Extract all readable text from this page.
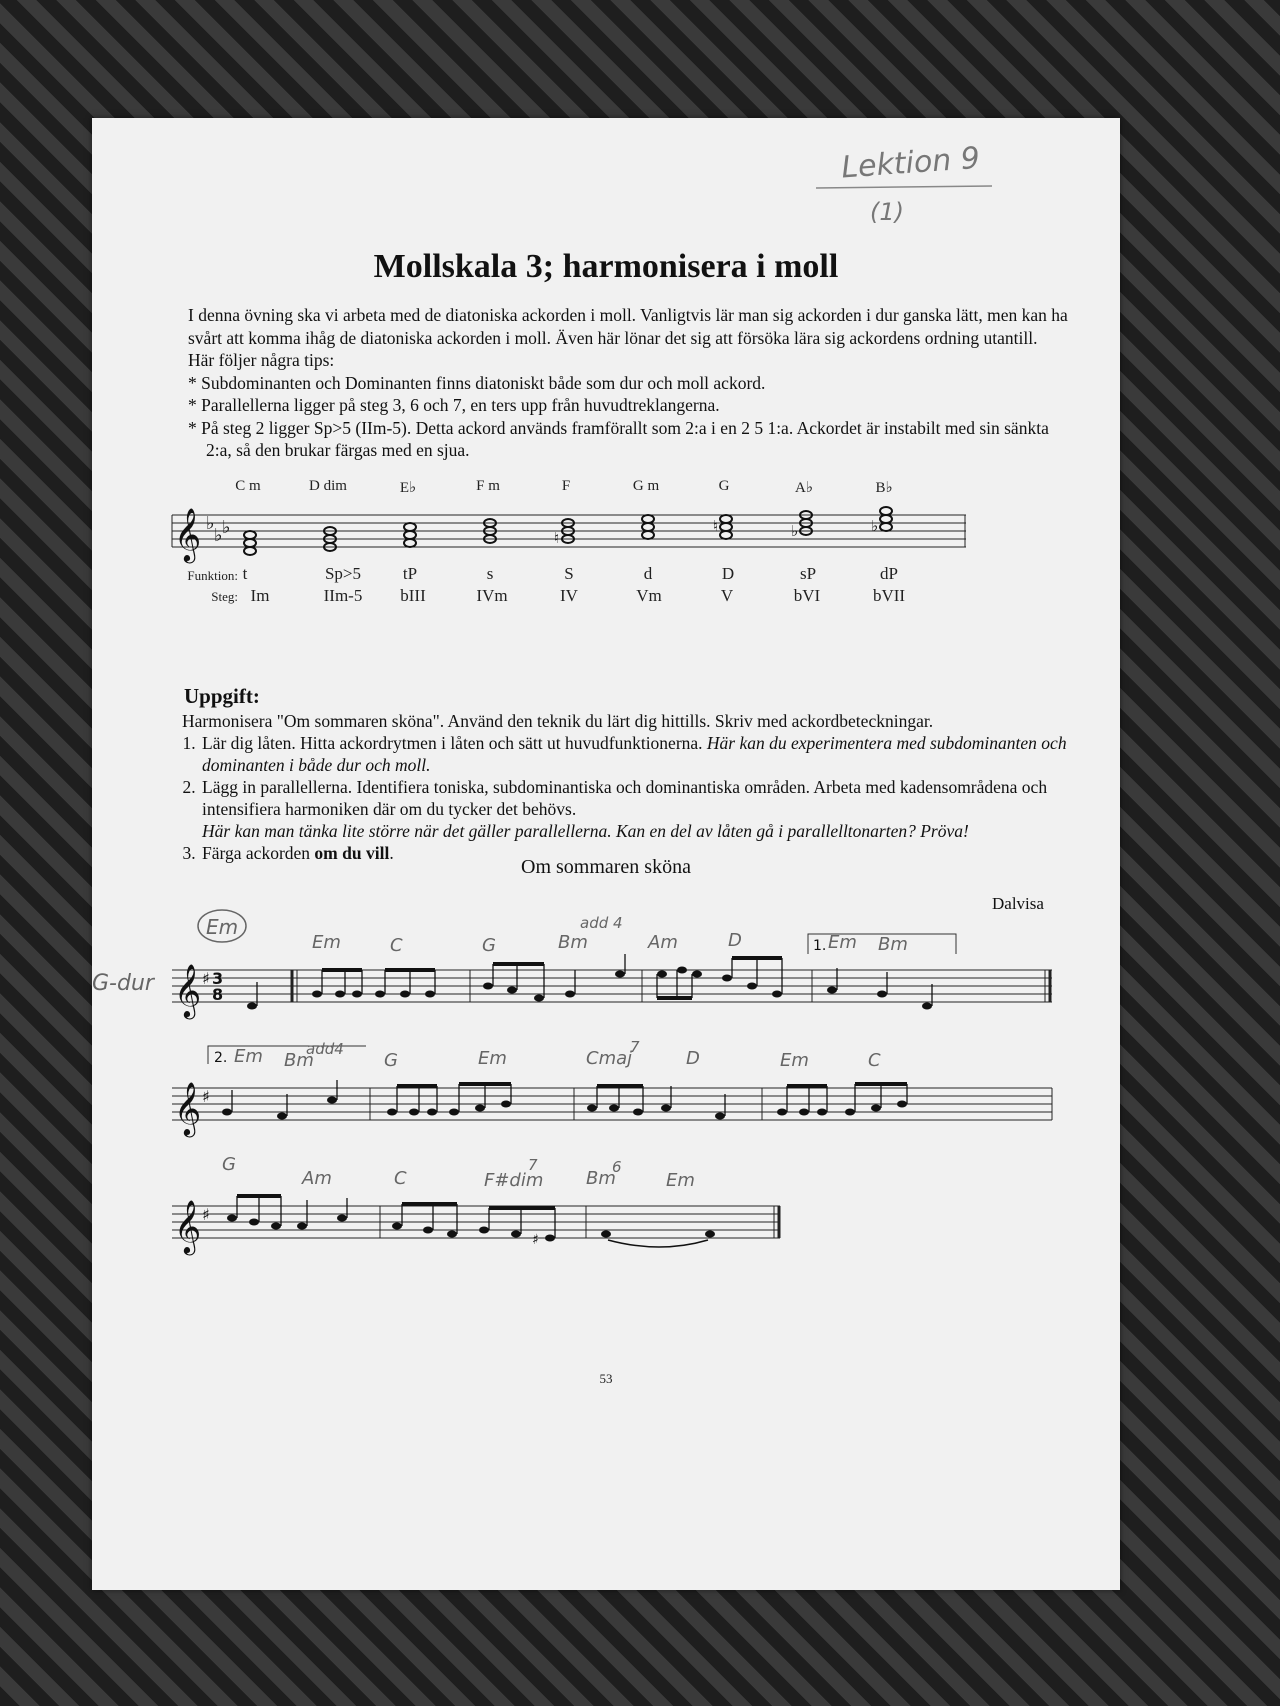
Lektion 9
(1)
Mollskala 3; harmonisera i moll

I denna övning ska vi arbeta med de diatoniska ackorden i moll. Vanligtvis lär man sig ackorden i dur ganska lätt, men kan ha svårt att komma ihåg de diatoniska ackorden i moll. Även här lönar det sig att försöka lära sig ackordens ordning utantill. Här följer några tips:

* Subdominanten och Dominanten finns diatoniskt både som dur och moll ackord.

* Parallellerna ligger på steg 3, 6 och 7, en ters upp från huvudtreklangerna.

* På steg 2 ligger Sp>5 (IIm-5). Detta ackord används framförallt som 2:a i en 2 5 1:a. Ackordet är instabilt med sin sänkta 2:a, så den brukar färgas med en sjua.

C m	D dim	E♭	F m	F	G m	G	A♭	B♭
𝄞 ♭
♭ ♭	♮
♮	♭	♭
Funktion:
Steg:
t	Sp>5	tP	s	S	d	D	sP	dP
Im	IIm-5	bIII	IVm	IV	Vm	V	bVI	bVII
Uppgift:

Harmonisera "Om sommaren sköna". Använd den teknik du lärt dig hittills. Skriv med ackordbeteckningar.

1. Lär dig låten. Hitta ackordrytmen i låten och sätt ut huvudfunktionerna. Här kan du experimentera med subdominanten och dominanten i både dur och moll.
2. Lägg in parallellerna. Identifiera toniska, subdominantiska och dominantiska områden. Arbeta med kadensområdena och intensifiera harmoniken där om du tycker det behövs.
Här kan man tänka lite större när det gäller parallellerna. Kan en del av låten gå i parallelltonarten? Pröva!
3. Färga ackorden om du vill.
Om sommaren sköna
Dalvisa
Em
G-dur 𝄞 ♯ 3
8
Em	C	G	Bm
add 4
Am	D	Em Bm
1.
𝄞 ♯
2. Em Bm
add4
G	Em	Cmaj
7
D	Em	C
𝄞 ♯
♯
G
Am	C	F#dim
7
Bm
6
Em
53
